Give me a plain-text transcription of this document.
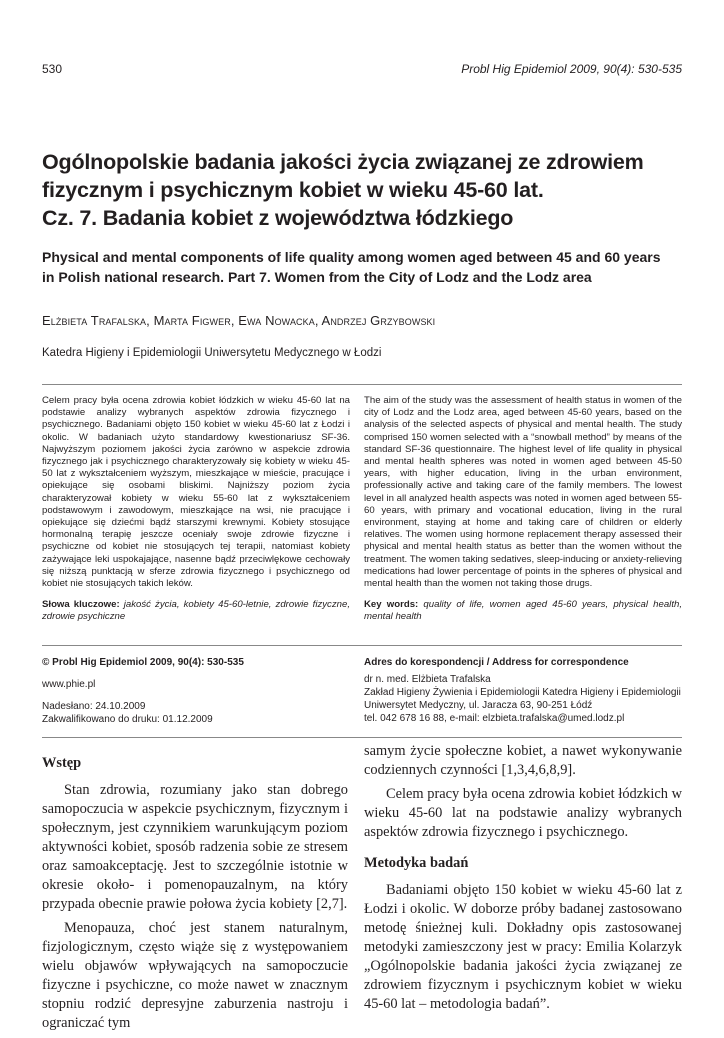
530	Probl Hig Epidemiol 2009, 90(4): 530-535
Ogólnopolskie badania jakości życia związanej ze zdrowiem
fizycznym i psychicznym kobiet w wieku 45-60 lat.
Cz. 7. Badania kobiet z województwa łódzkiego
Physical and mental components of life quality among women aged between 45 and 60 years
in Polish national research. Part 7. Women from the City of Lodz and the Lodz area
Elżbieta Trafalska, Marta Figwer, Ewa Nowacka, Andrzej Grzybowski
Katedra Higieny i Epidemiologii Uniwersytetu Medycznego w Łodzi
Celem pracy była ocena zdrowia kobiet łódzkich w wieku 45-60 lat na podstawie analizy wybranych aspektów zdrowia fizycznego i psychicznego. Badaniami objęto 150 kobiet w wieku 45-60 lat z Łodzi i okolic. W badaniach użyto standardowy kwestionariusz SF-36. Najwyższym poziomem jakości życia zarówno w aspekcie zdrowia fizycznego jak i psychicznego charakteryzowały się kobiety w wieku 45-50 lat z wykształceniem wyższym, mieszkające w mieście, pracujące i opiekujące się osobami bliskimi. Najniższy poziom życia charakteryzował kobiety w wieku 55-60 lat z wykształceniem podstawowym i zawodowym, mieszkające na wsi, nie pracujące i opiekujące się dziećmi bądź starszymi krewnymi. Kobiety stosujące hormonalną terapię jeszcze oceniały swoje zdrowie fizyczne i psychiczne od kobiet nie stosujących tej terapii, natomiast kobiety zażywające leki uspokajające, nasenne bądź przeciwlękowe cechowały się niższą punktacją w sferze zdrowia fizycznego i psychicznego od kobiet nie stosujących takich leków.
Słowa kluczowe: jakość życia, kobiety 45-60-letnie, zdrowie fizyczne, zdrowie psychiczne
The aim of the study was the assessment of health status in women of the city of Lodz and the Lodz area, aged between 45-60 years, based on the analysis of the selected aspects of physical and mental health. The study comprised 150 women selected with a “snowball method” by means of the standard SF-36 questionnaire. The highest level of life quality in physical and mental health spheres was noted in women aged between 45-50 years, with higher education, living in the urban environment, professionally active and taking care of the family members. The lowest level in all analyzed health aspects was noted in women aged between 55-60 years, with primary and vocational education, living in the rural environment, staying at home and taking care of children or elderly relatives. The women using hormone replacement therapy assessed their physical and mental health status as better than the women without the treatment. The women taking sedatives, sleep-inducing or anxiety-relieving medications had lower percentage of points in the spheres of physical and mental health than the women not taking those drugs.
Key words: quality of life, women aged 45-60 years, physical health, mental health
© Probl Hig Epidemiol 2009, 90(4): 530-535
www.phie.pl
Nadesłano: 24.10.2009
Zakwalifikowano do druku: 01.12.2009
Adres do korespondencji / Address for correspondence
dr n. med. Elżbieta Trafalska
Zakład Higieny Żywienia i Epidemiologii Katedra Higieny i Epidemiologii
Uniwersytet Medyczny, ul. Jaracza 63, 90-251 Łódź
tel. 042 678 16 88, e-mail: elzbieta.trafalska@umed.lodz.pl
Wstęp

Stan zdrowia, rozumiany jako stan dobrego samopoczucia w aspekcie psychicznym, fizycznym i społecznym, jest czynnikiem warunkującym poziom aktywności kobiet, sposób radzenia sobie ze stresem oraz samoakceptację. Jest to szczególnie istotnie w okresie około- i pomenopauzalnym, na który przypada obecnie prawie połowa życia kobiety [2,7].

Menopauza, choć jest stanem naturalnym, fizjologicznym, często wiąże się z występowaniem wielu objawów wpływających na samopoczucie fizyczne i psychiczne, co może nawet w znacznym stopniu rodzić depresyjne zaburzenia nastroju i ograniczać tym

samym życie społeczne kobiet, a nawet wykonywanie codziennych czynności [1,3,4,6,8,9].

Celem pracy była ocena zdrowia kobiet łódzkich w wieku 45-60 lat na podstawie analizy wybranych aspektów zdrowia fizycznego i psychicznego.

Metodyka badań

Badaniami objęto 150 kobiet w wieku 45-60 lat z Łodzi i okolic. W doborze próby badanej zastosowano metodę śnieżnej kuli. Dokładny opis zastosowanej metodyki zamieszczony jest w pracy: Emilia Kolarzyk „Ogólnopolskie badania jakości życia związanej ze zdrowiem fizycznym i psychicznym kobiet w wieku 45-60 lat – metodologia badań”.
